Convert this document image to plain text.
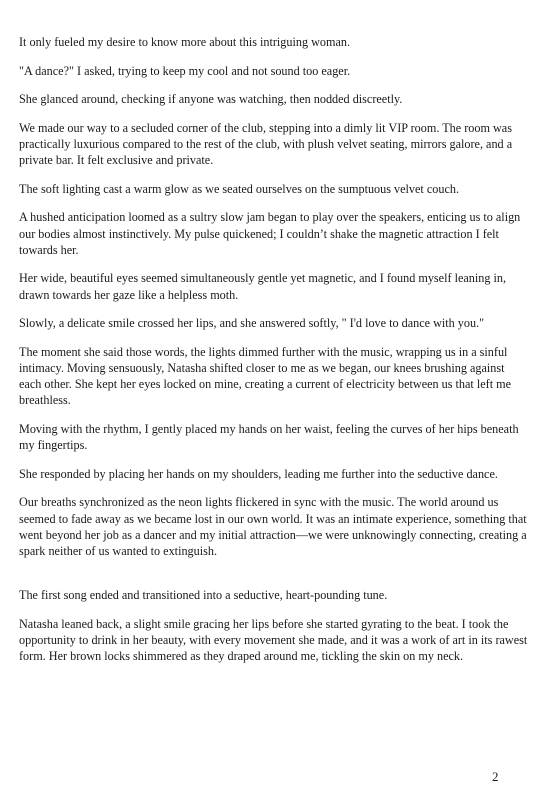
It only fueled my desire to know more about this intriguing woman.

"A dance?" I asked, trying to keep my cool and not sound too eager.

She glanced around, checking if anyone was watching, then nodded discreetly.

We made our way to a secluded corner of the club, stepping into a dimly lit VIP room. The room was practically luxurious compared to the rest of the club, with plush velvet seating, mirrors galore, and a private bar. It felt exclusive and private.

The soft lighting cast a warm glow as we seated ourselves on the sumptuous velvet couch.

A hushed anticipation loomed as a sultry slow jam began to play over the speakers, enticing us to align our bodies almost instinctively. My pulse quickened; I couldn’t shake the magnetic attraction I felt towards her.

Her wide, beautiful eyes seemed simultaneously gentle yet magnetic, and I found myself leaning in, drawn towards her gaze like a helpless moth.

Slowly, a delicate smile crossed her lips, and she answered softly, " I'd love to dance with you."

The moment she said those words, the lights dimmed further with the music, wrapping us in a sinful intimacy. Moving sensuously, Natasha shifted closer to me as we began, our knees brushing against each other. She kept her eyes locked on mine, creating a current of electricity between us that left me breathless.

Moving with the rhythm, I gently placed my hands on her waist, feeling the curves of her hips beneath my fingertips.

She responded by placing her hands on my shoulders, leading me further into the seductive dance.

Our breaths synchronized as the neon lights flickered in sync with the music. The world around us seemed to fade away as we became lost in our own world. It was an intimate experience, something that went beyond her job as a dancer and my initial attraction—we were unknowingly connecting, creating a spark neither of us wanted to extinguish.

The first song ended and transitioned into a seductive, heart-pounding tune.

Natasha leaned back, a slight smile gracing her lips before she started gyrating to the beat. I took the opportunity to drink in her beauty, with every movement she made, and it was a work of art in its rawest form. Her brown locks shimmered as they draped around me, tickling the skin on my neck.

2
